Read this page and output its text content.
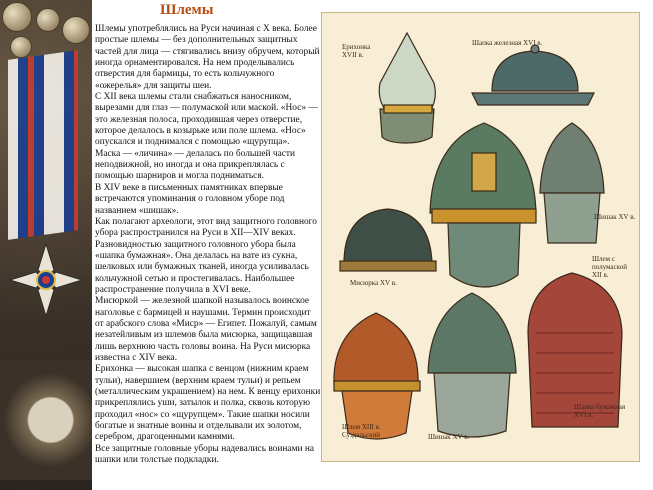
Шлемы

Шлемы употреблялись на Руси начиная с X века. Более простые шлемы — без дополнительных защитных частей для лица — стягивались внизу обручем, который иногда орнаментировался. На нем проделывались отверстия для бармицы, то есть кольчужного «ожерелья» для защиты шеи.

С XII века шлемы стали снабжаться наносником, вырезами для глаз — полумаской или маской. «Нос» — это железная полоса, проходившая через отверстие, которое делалось в козырьке или поле шлема. «Нос» опускался и поднимался с помощью «щурупца».

Маска — «личина» — делалась по большей части неподвижной, но иногда и она прикреплялась с помощью шарниров и могла подниматься.

В XIV веке в письменных памятниках впервые встречаются упоминания о головном уборе под названием «шишак».

Как полагают археологи, этот вид защитного головного убора распространился на Руси в XII—XIV веках.

Разновидностью защитного головного убора была «шапка бумажная». Она делалась на вате из сукна, шелковых или бумажных тканей, иногда усиливалась кольчужной сетью и простегивалась. Наибольшее распространение получила в XVI веке.

Мисюркой — железной шапкой называлось воинское наголовье с бармицей и наушами. Термин происходит от арабского слова «Миср» — Египет. Пожалуй, самым незатейливым из шлемов была мисюрка, защищавшая лишь верхнюю часть головы воина. На Руси мисюрка известна с XIV века.

Ерихонка — высокая шапка с венцом (нижним краем тульи), навершием (верхним краем тульи) и репьем (металлическим украшением) на нем. К венцу ерихонки прикреплялись уши, затылок и полка, сквозь которую проходил «нос» со «щурупцем». Такие шапки носили богатые и знатные воины и отделывали их золотом, серебром, драгоценными камнями.

Все защитные головные уборы надевались воинами на шапки или толстые подкладки.

Ерихонка XVII в.
Шапка железная XVI в.
Шишак XV в.
Шлем с полумаской XII в.
Мисюрка XV в.
Шлем XIII в. Суздальский	Шишак XV в.
Шапка бумажная XVI в.
